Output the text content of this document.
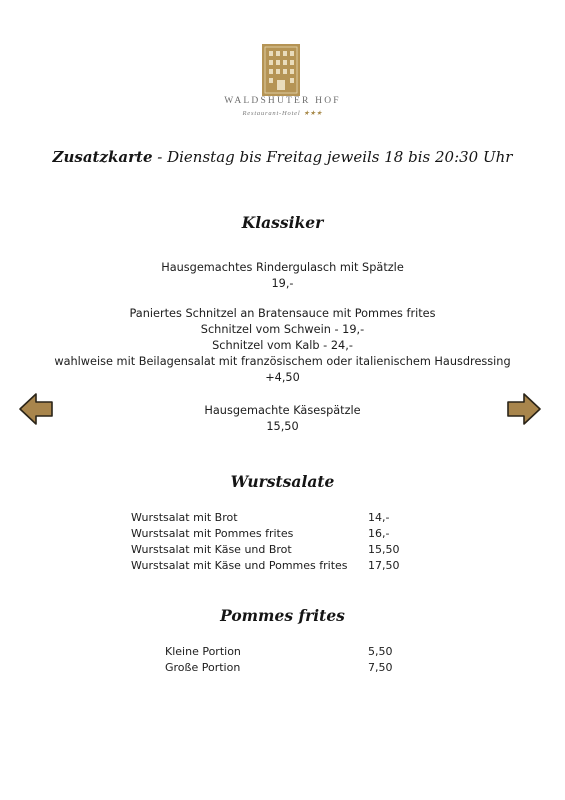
WALDSHUTER HOF
Restaurant-Hotel ★★★
Zusatzkarte - Dienstag bis Freitag jeweils 18 bis 20:30 Uhr
Klassiker
Hausgemachtes Rindergulasch mit Spätzle
19,-
Paniertes Schnitzel an Bratensauce mit Pommes frites
Schnitzel vom Schwein - 19,-
Schnitzel vom Kalb - 24,-
wahlweise mit Beilagensalat mit französischem oder italienischem Hausdressing
+4,50
Hausgemachte Käsespätzle
15,50
Wurstsalate
Wurstsalat mit Brot	14,-
Wurstsalat mit Pommes frites	16,-
Wurstsalat mit Käse und Brot	15,50
Wurstsalat mit Käse und Pommes frites 17,50
Pommes frites
Kleine Portion	5,50
Große Portion	7,50
